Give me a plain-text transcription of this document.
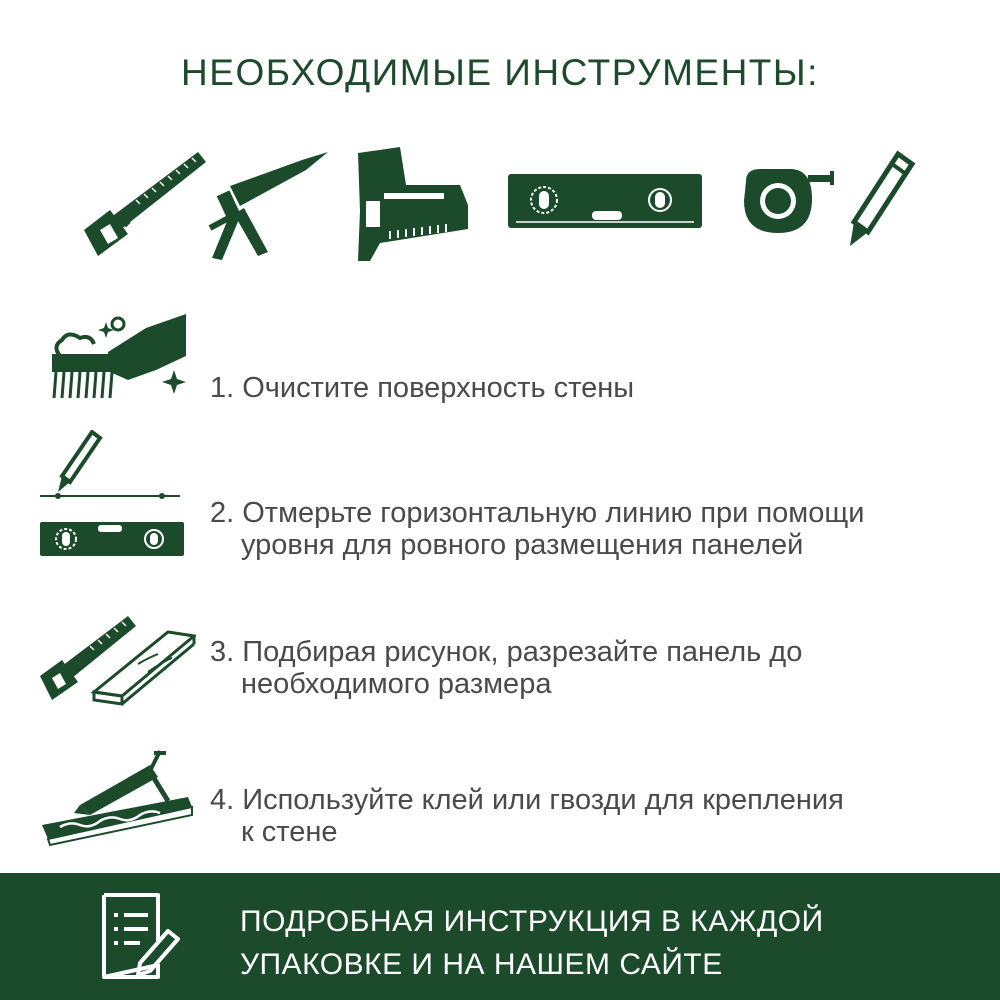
НЕОБХОДИМЫЕ ИНСТРУМЕНТЫ:
1. Очистите поверхность стены
2. Отмерьте горизонтальную линию при помощи
уровня для ровного размещения панелей
3. Подбирая рисунок, разрезайте панель до
необходимого размера
4. Используйте клей или гвозди для крепления
к стене
ПОДРОБНАЯ ИНСТРУКЦИЯ В КАЖДОЙ
УПАКОВКЕ И НА НАШЕМ САЙТЕ
